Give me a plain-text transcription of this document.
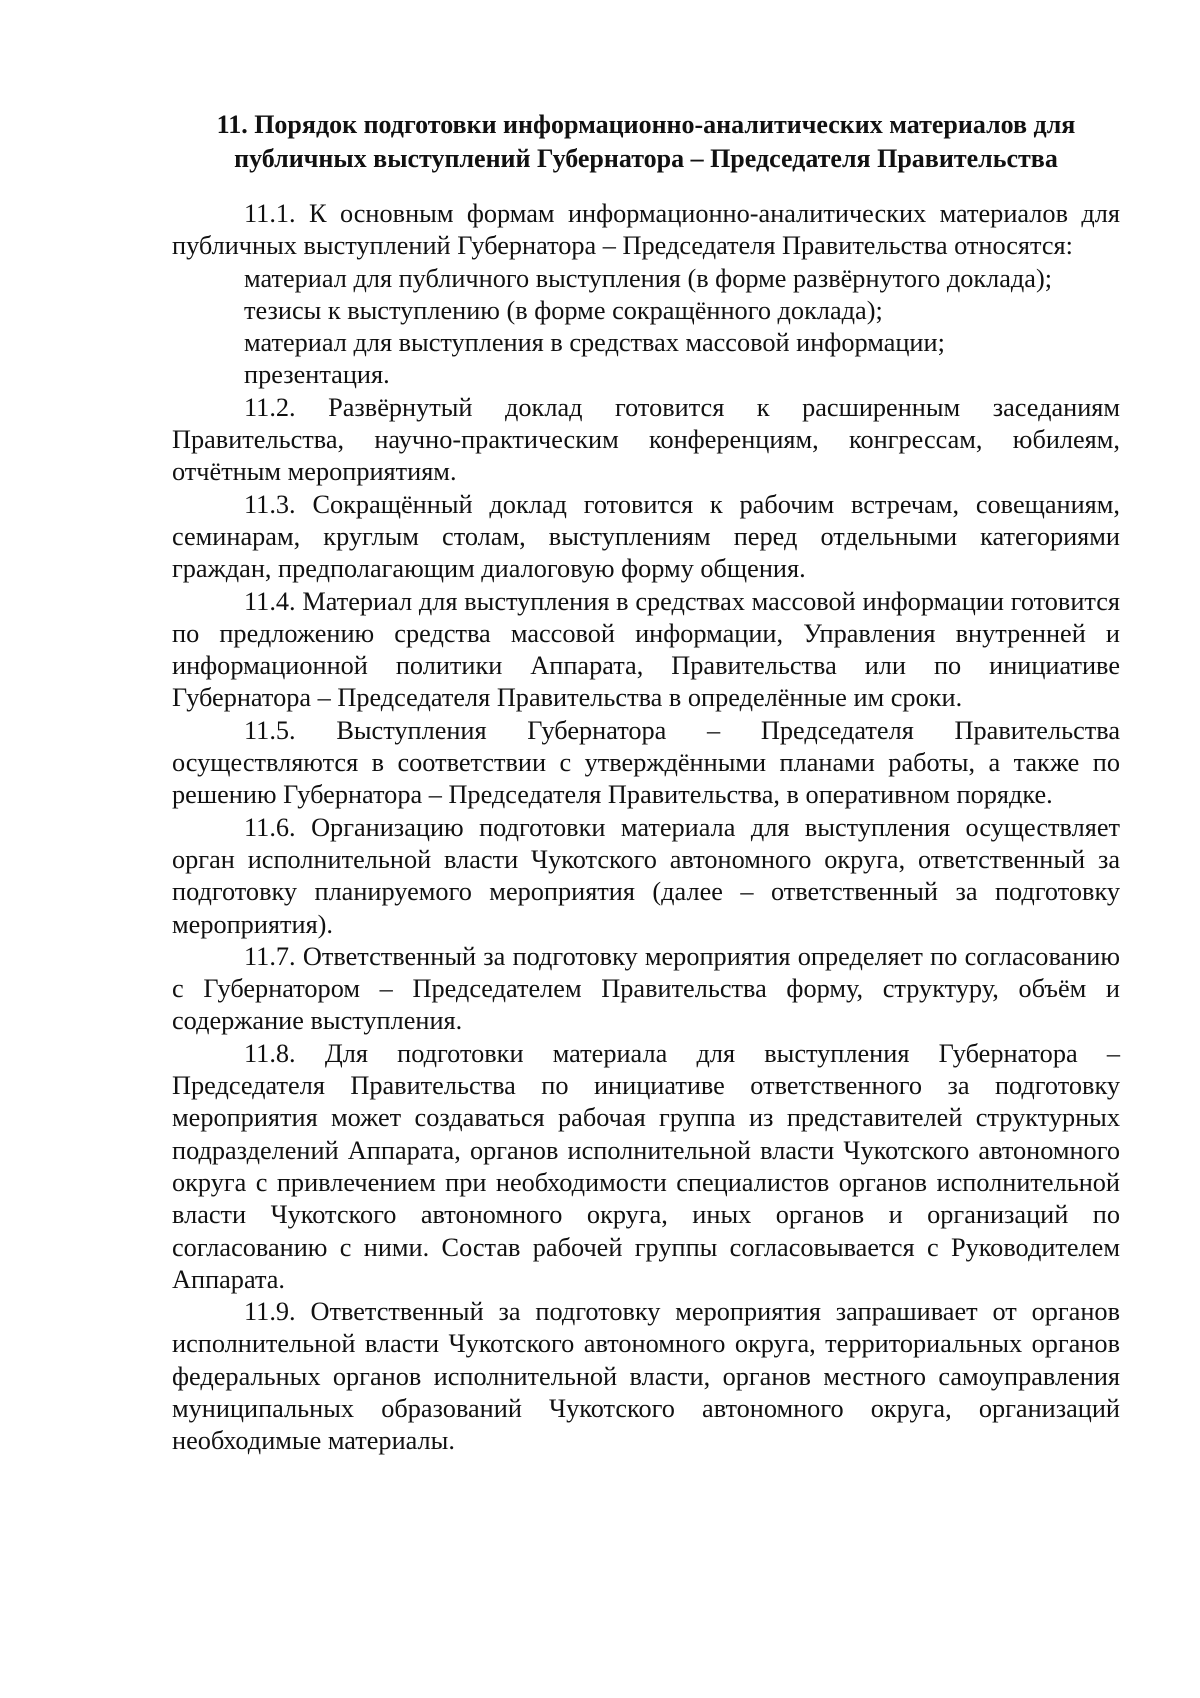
11. Порядок подготовки информационно-аналитических материалов для
публичных выступлений Губернатора – Председателя Правительства

11.1. К основным формам информационно-аналитических материалов для публичных выступлений Губернатора – Председателя Правительства относятся:

материал для публичного выступления (в форме развёрнутого доклада);

тезисы к выступлению (в форме сокращённого доклада);

материал для выступления в средствах массовой информации;

презентация.

11.2. Развёрнутый доклад готовится к расширенным заседаниям Правительства, научно-практическим конференциям, конгрессам, юбилеям, отчётным мероприятиям.

11.3. Сокращённый доклад готовится к рабочим встречам, совещаниям, семинарам, круглым столам, выступлениям перед отдельными категориями граждан, предполагающим диалоговую форму общения.

11.4. Материал для выступления в средствах массовой информации готовится по предложению средства массовой информации, Управления внутренней и информационной политики Аппарата, Правительства или по инициативе Губернатора – Председателя Правительства в определённые им сроки.

11.5. Выступления Губернатора – Председателя Правительства осуществляются в соответствии с утверждёнными планами работы, а также по решению Губернатора – Председателя Правительства, в оперативном порядке.

11.6. Организацию подготовки материала для выступления осуществляет орган исполнительной власти Чукотского автономного округа, ответственный за подготовку планируемого мероприятия (далее – ответственный за подготовку мероприятия).

11.7. Ответственный за подготовку мероприятия определяет по согласованию с Губернатором – Председателем Правительства форму, структуру, объём и содержание выступления.

11.8. Для подготовки материала для выступления Губернатора – Председателя Правительства по инициативе ответственного за подготовку мероприятия может создаваться рабочая группа из представителей структурных подразделений Аппарата, органов исполнительной власти Чукотского автономного округа с привлечением при необходимости специалистов органов исполнительной власти Чукотского автономного округа, иных органов и организаций по согласованию с ними. Состав рабочей группы согласовывается с Руководителем Аппарата.

11.9. Ответственный за подготовку мероприятия запрашивает от органов исполнительной власти Чукотского автономного округа, территориальных органов федеральных органов исполнительной власти, органов местного самоуправления муниципальных образований Чукотского автономного округа, организаций необходимые материалы.
